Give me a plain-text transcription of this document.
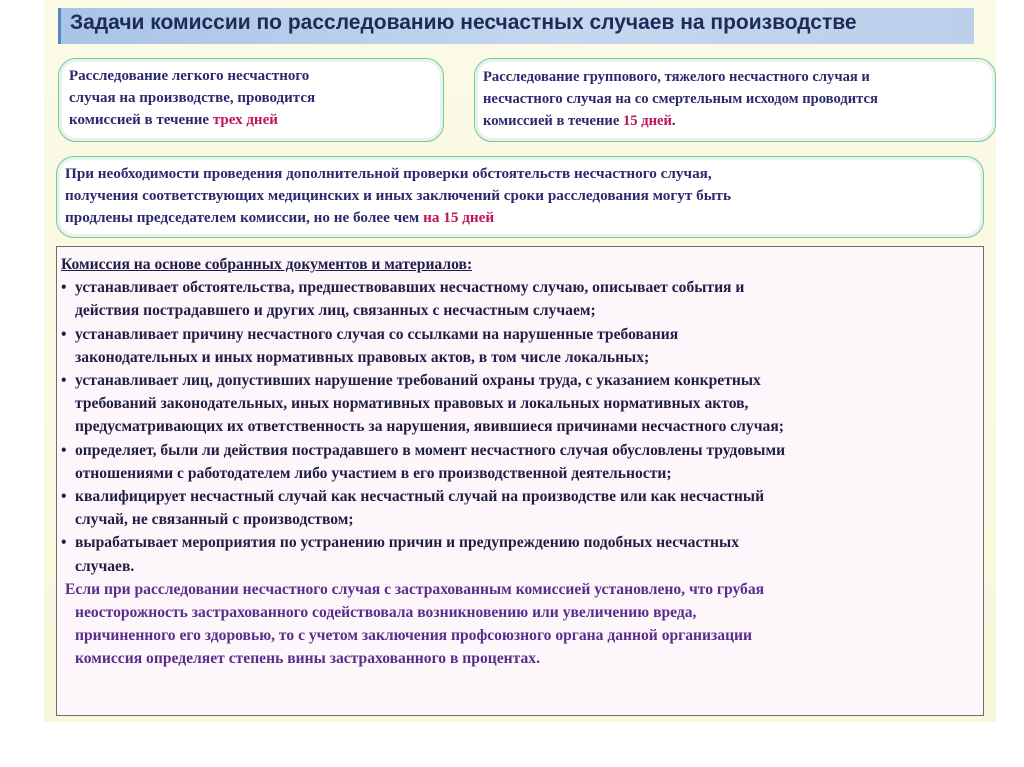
Задачи комиссии по расследованию несчастных случаев на производстве
Расследование легкого несчастного
случая на производстве, проводится
комиссией в течение трех дней
Расследование группового, тяжелого несчастного случая и
несчастного случая на со смертельным исходом проводится
комиссией в течение 15 дней.
При необходимости проведения дополнительной проверки обстоятельств несчастного случая,
получения соответствующих медицинских и иных заключений сроки расследования могут быть
продлены председателем комиссии, но не более чем на 15 дней
Комиссия на основе собранных документов и материалов:
• устанавливает обстоятельства, предшествовавших несчастному случаю, описывает события и
действия пострадавшего и других лиц, связанных с несчастным случаем;
• устанавливает причину несчастного случая со ссылками на нарушенные требования
законодательных и иных нормативных правовых актов, в том числе локальных;
• устанавливает лиц, допустивших нарушение требований охраны труда, с указанием конкретных
требований законодательных, иных нормативных правовых и локальных нормативных актов,
предусматривающих их ответственность за нарушения, явившиеся причинами несчастного случая;
• определяет, были ли действия пострадавшего в момент несчастного случая обусловлены трудовыми
отношениями с работодателем либо участием в его производственной деятельности;
• квалифицирует несчастный случай как несчастный случай на производстве или как несчастный
случай, не связанный с производством;
• вырабатывает мероприятия по устранению причин и предупреждению подобных несчастных
случаев.
Если при расследовании несчастного случая с застрахованным комиссией установлено, что грубая
неосторожность застрахованного содействовала возникновению или увеличению вреда,
причиненного его здоровью, то с учетом заключения профсоюзного органа данной организации
комиссия определяет степень вины застрахованного в процентах.
